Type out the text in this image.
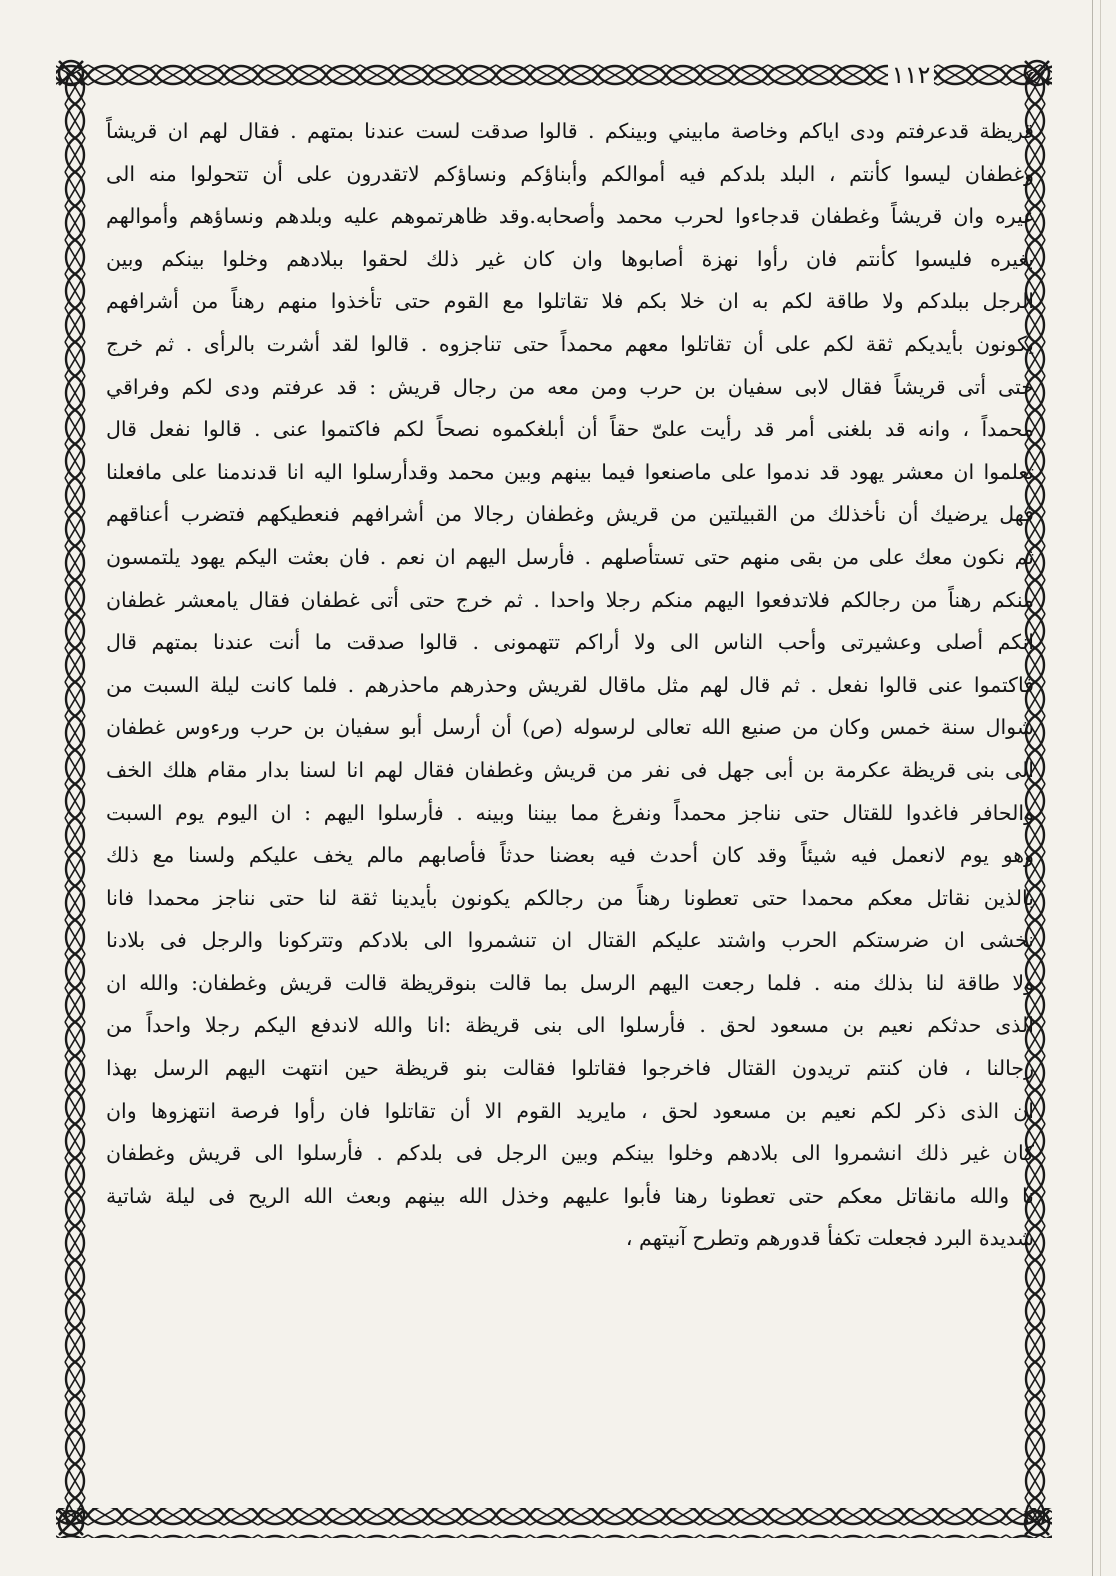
١١٢
قريظة قدعرفتم ودى اياكم وخاصة مابيني وبينكم . قالوا صدقت لست عندنا بمتهم . فقال لهم ان قريشاً
وغطفان ليسوا كأنتم ، البلد بلدكم فيه أموالكم وأبناؤكم ونساؤكم لاتقدرون على أن تتحولوا منه الى
غيره وان قريشاً وغطفان قدجاءوا لحرب محمد وأصحابه.وقد ظاهرتموهم عليه وبلدهم ونساؤهم وأموالهم
بغيره فليسوا كأنتم فان رأوا نهزة أصابوها وان كان غير ذلك لحقوا ببلادهم وخلوا بينكم وبين
الرجل ببلدكم ولا طاقة لكم به ان خلا بكم فلا تقاتلوا مع القوم حتى تأخذوا منهم رهناً من أشرافهم
يكونون بأيديكم ثقة لكم على أن تقاتلوا معهم محمداً حتى تناجزوه . قالوا لقد أشرت بالرأى . ثم خرج
حتى أتى قريشاً فقال لابى سفيان بن حرب ومن معه من رجال قريش : قد عرفتم ودى لكم وفراقي
محمداً ، وانه قد بلغنى أمر قد رأيت علىّ حقاً أن أبلغكموه نصحاً لكم فاكتموا عنى . قالوا نفعل قال
تعلموا ان معشر يهود قد ندموا على ماصنعوا فيما بينهم وبين محمد وقدأرسلوا اليه انا قدندمنا على مافعلنا
فهل يرضيك أن نأخذلك من القبيلتين من قريش وغطفان رجالا من أشرافهم فنعطيكهم فتضرب أعناقهم
ثم نكون معك على من بقى منهم حتى تستأصلهم . فأرسل اليهم ان نعم . فان بعثت اليكم يهود يلتمسون
منكم رهناً من رجالكم فلاتدفعوا اليهم منكم رجلا واحدا . ثم خرج حتى أتى غطفان فقال يامعشر غطفان
انكم أصلى وعشيرتى وأحب الناس الى ولا أراكم تتهمونى . قالوا صدقت ما أنت عندنا بمتهم قال
فاكتموا عنى قالوا نفعل . ثم قال لهم مثل ماقال لقريش وحذرهم ماحذرهم . فلما كانت ليلة السبت من
شوال سنة خمس وكان من صنيع الله تعالى لرسوله (ص) أن أرسل أبو سفيان بن حرب ورءوس غطفان
الى بنى قريظة عكرمة بن أبى جهل فى نفر من قريش وغطفان فقال لهم انا لسنا بدار مقام هلك الخف
والحافر فاغدوا للقتال حتى نناجز محمداً ونفرغ مما بيننا وبينه . فأرسلوا اليهم : ان اليوم يوم السبت
وهو يوم لانعمل فيه شيئاً وقد كان أحدث فيه بعضنا حدثاً فأصابهم مالم يخف عليكم ولسنا مع ذلك
بالذين نقاتل معكم محمدا حتى تعطونا رهناً من رجالكم يكونون بأيدينا ثقة لنا حتى نناجز محمدا فانا
نخشى ان ضرستكم الحرب واشتد عليكم القتال ان تنشمروا الى بلادكم وتتركونا والرجل فى بلادنا
ولا طاقة لنا بذلك منه . فلما رجعت اليهم الرسل بما قالت بنوقريظة قالت قريش وغطفان: والله ان
الذى حدثكم نعيم بن مسعود لحق . فأرسلوا الى بنى قريظة :انا والله لاندفع اليكم رجلا واحداً من
رجالنا ، فان كنتم تريدون القتال فاخرجوا فقاتلوا فقالت بنو قريظة حين انتهت اليهم الرسل بهذا
ان الذى ذكر لكم نعيم بن مسعود لحق ، مايريد القوم الا أن تقاتلوا فان رأوا فرصة انتهزوها وان
كان غير ذلك انشمروا الى بلادهم وخلوا بينكم وبين الرجل فى بلدكم . فأرسلوا الى قريش وغطفان
نا والله مانقاتل معكم حتى تعطونا رهنا فأبوا عليهم وخذل الله بينهم وبعث الله الريح فى ليلة شاتية
شديدة البرد فجعلت تكفأ قدورهم وتطرح آنيتهم ،
